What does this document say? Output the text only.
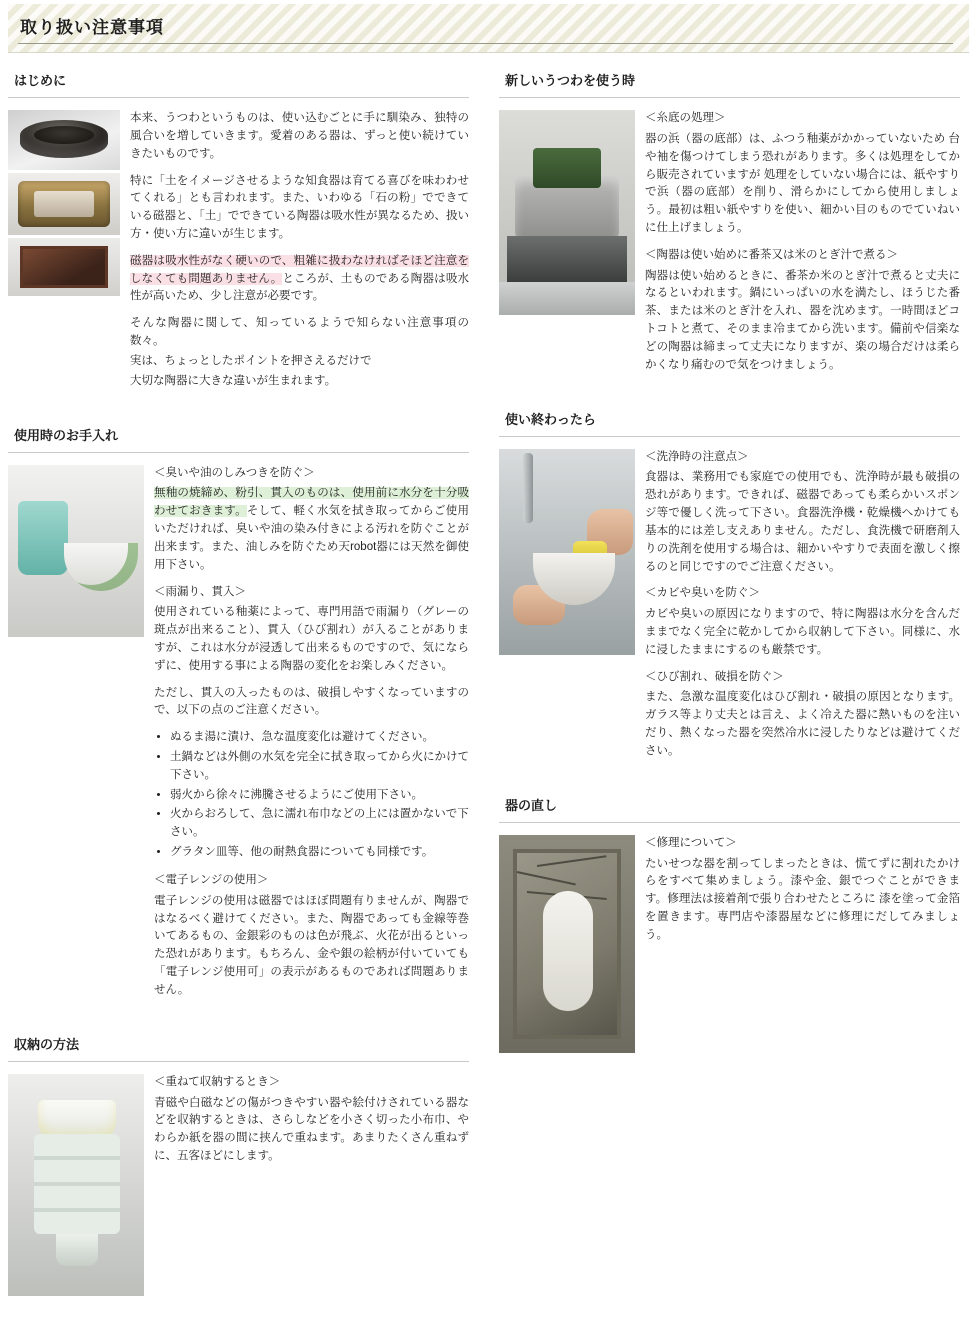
取り扱い注意事項
はじめに

本来、うつわというものは、使い込むごとに手に馴染み、独特の風合いを増していきます。愛着のある器は、ずっと使い続けていきたいものです。

特に「土をイメージさせるような知食器は育てる喜びを味わわせてくれる」とも言われます。また、いわゆる「石の粉」でできている磁器と、「土」でできている陶器は吸水性が異なるため、扱い方・使い方に違いが生じます。

磁器は吸水性がなく硬いので、粗雑に扱わなければそほど注意をしなくても問題ありません。ところが、土ものである陶器は吸水性が高いため、少し注意が必要です。

そんな陶器に関して、知っているようで知らない注意事項の数々。

実は、ちょっとしたポイントを押さえるだけで

大切な陶器に大きな違いが生まれます。

使用時のお手入れ

＜臭いや油のしみつきを防ぐ＞

無釉の焼締め、粉引、貫入のものは、使用前に水分を十分吸わせておきます。そして、軽く水気を拭き取ってからご使用いただければ、臭いや油の染み付きによる汚れを防ぐことが出来ます。また、油しみを防ぐため天robot器には天然を御使用下さい。

＜雨漏り、貫入＞

使用されている釉薬によって、専門用語で雨漏り（グレーの斑点が出来ること）、貫入（ひび割れ）が入ることがありますが、これは水分が浸透して出来るものですので、気にならずに、使用する事による陶器の変化をお楽しみください。

ただし、貫入の入ったものは、破損しやすくなっていますので、以下の点のご注意ください。

• ぬるま湯に漬け、急な温度変化は避けてください。
• 土鍋などは外側の水気を完全に拭き取ってから火にかけて下さい。
• 弱火から徐々に沸騰させるようにご使用下さい。
• 火からおろして、急に濡れ布巾などの上には置かないで下さい。
• グラタン皿等、他の耐熱食器についても同様です。

＜電子レンジの使用＞

電子レンジの使用は磁器ではほぼ問題有りませんが、陶器ではなるべく避けてください。また、陶器であっても金線等巻いてあるもの、金銀彩のものは色が飛ぶ、火花が出るといった恐れがあります。もちろん、金や銀の絵柄が付いていても「電子レンジ使用可」の表示があるものであれば問題ありません。

収納の方法

＜重ねて収納するとき＞

青磁や白磁などの傷がつきやすい器や絵付けされている器などを収納するときは、さらしなどを小さく切った小布巾、やわらか紙を器の間に挟んで重ねます。あまりたくさん重ねずに、五客ほどにします。

新しいうつわを使う時

＜糸底の処理＞

器の浜（器の底部）は、ふつう釉薬がかかっていないため 台や袖を傷つけてしまう恐れがあります。多くは処理をしてから販売されていますが 処理をしていない場合には、紙やすりで浜（器の底部）を削り、滑らかにしてから使用しましょう。最初は粗い紙やすりを使い、細かい目のものでていねいに仕上げましょう。

＜陶器は使い始めに番茶又は米のとぎ汁で煮る＞

陶器は使い始めるときに、番茶か米のとぎ汁で煮ると丈夫になるといわれます。鍋にいっぱいの水を満たし、ほうじた番茶、または米のとぎ汁を入れ、器を沈めます。一時間ほどコトコトと煮て、そのまま冷まてから洗います。備前や信楽などの陶器は締まって丈夫になりますが、楽の場合だけは柔らかくなり痛むので気をつけましょう。

使い終わったら

＜洗浄時の注意点＞

食器は、業務用でも家庭での使用でも、洗浄時が最も破損の恐れがあります。できれば、磁器であっても柔らかいスポンジ等で優しく洗って下さい。食器洗浄機・乾燥機へかけても基本的には差し支えありません。ただし、食洗機で研磨剤入りの洗剤を使用する場合は、細かいやすりで表面を激しく擦るのと同じですのでご注意ください。

＜カビや臭いを防ぐ＞

カビや臭いの原因になりますので、特に陶器は水分を含んだままでなく完全に乾かしてから収納して下さい。同様に、水に浸したままにするのも厳禁です。

＜ひび割れ、破損を防ぐ＞

また、急激な温度変化はひび割れ・破損の原因となります。ガラス等より丈夫とは言え、よく冷えた器に熱いものを注いだり、熱くなった器を突然冷水に浸したりなどは避けてください。

器の直し

＜修理について＞

たいせつな器を割ってしまったときは、慌てずに割れたかけらをすべて集めましょう。漆や金、銀でつぐことができます。修理法は接着剤で張り合わせたところに 漆を塗って金箔を置きます。専門店や漆器屋などに修理にだしてみましょう。
